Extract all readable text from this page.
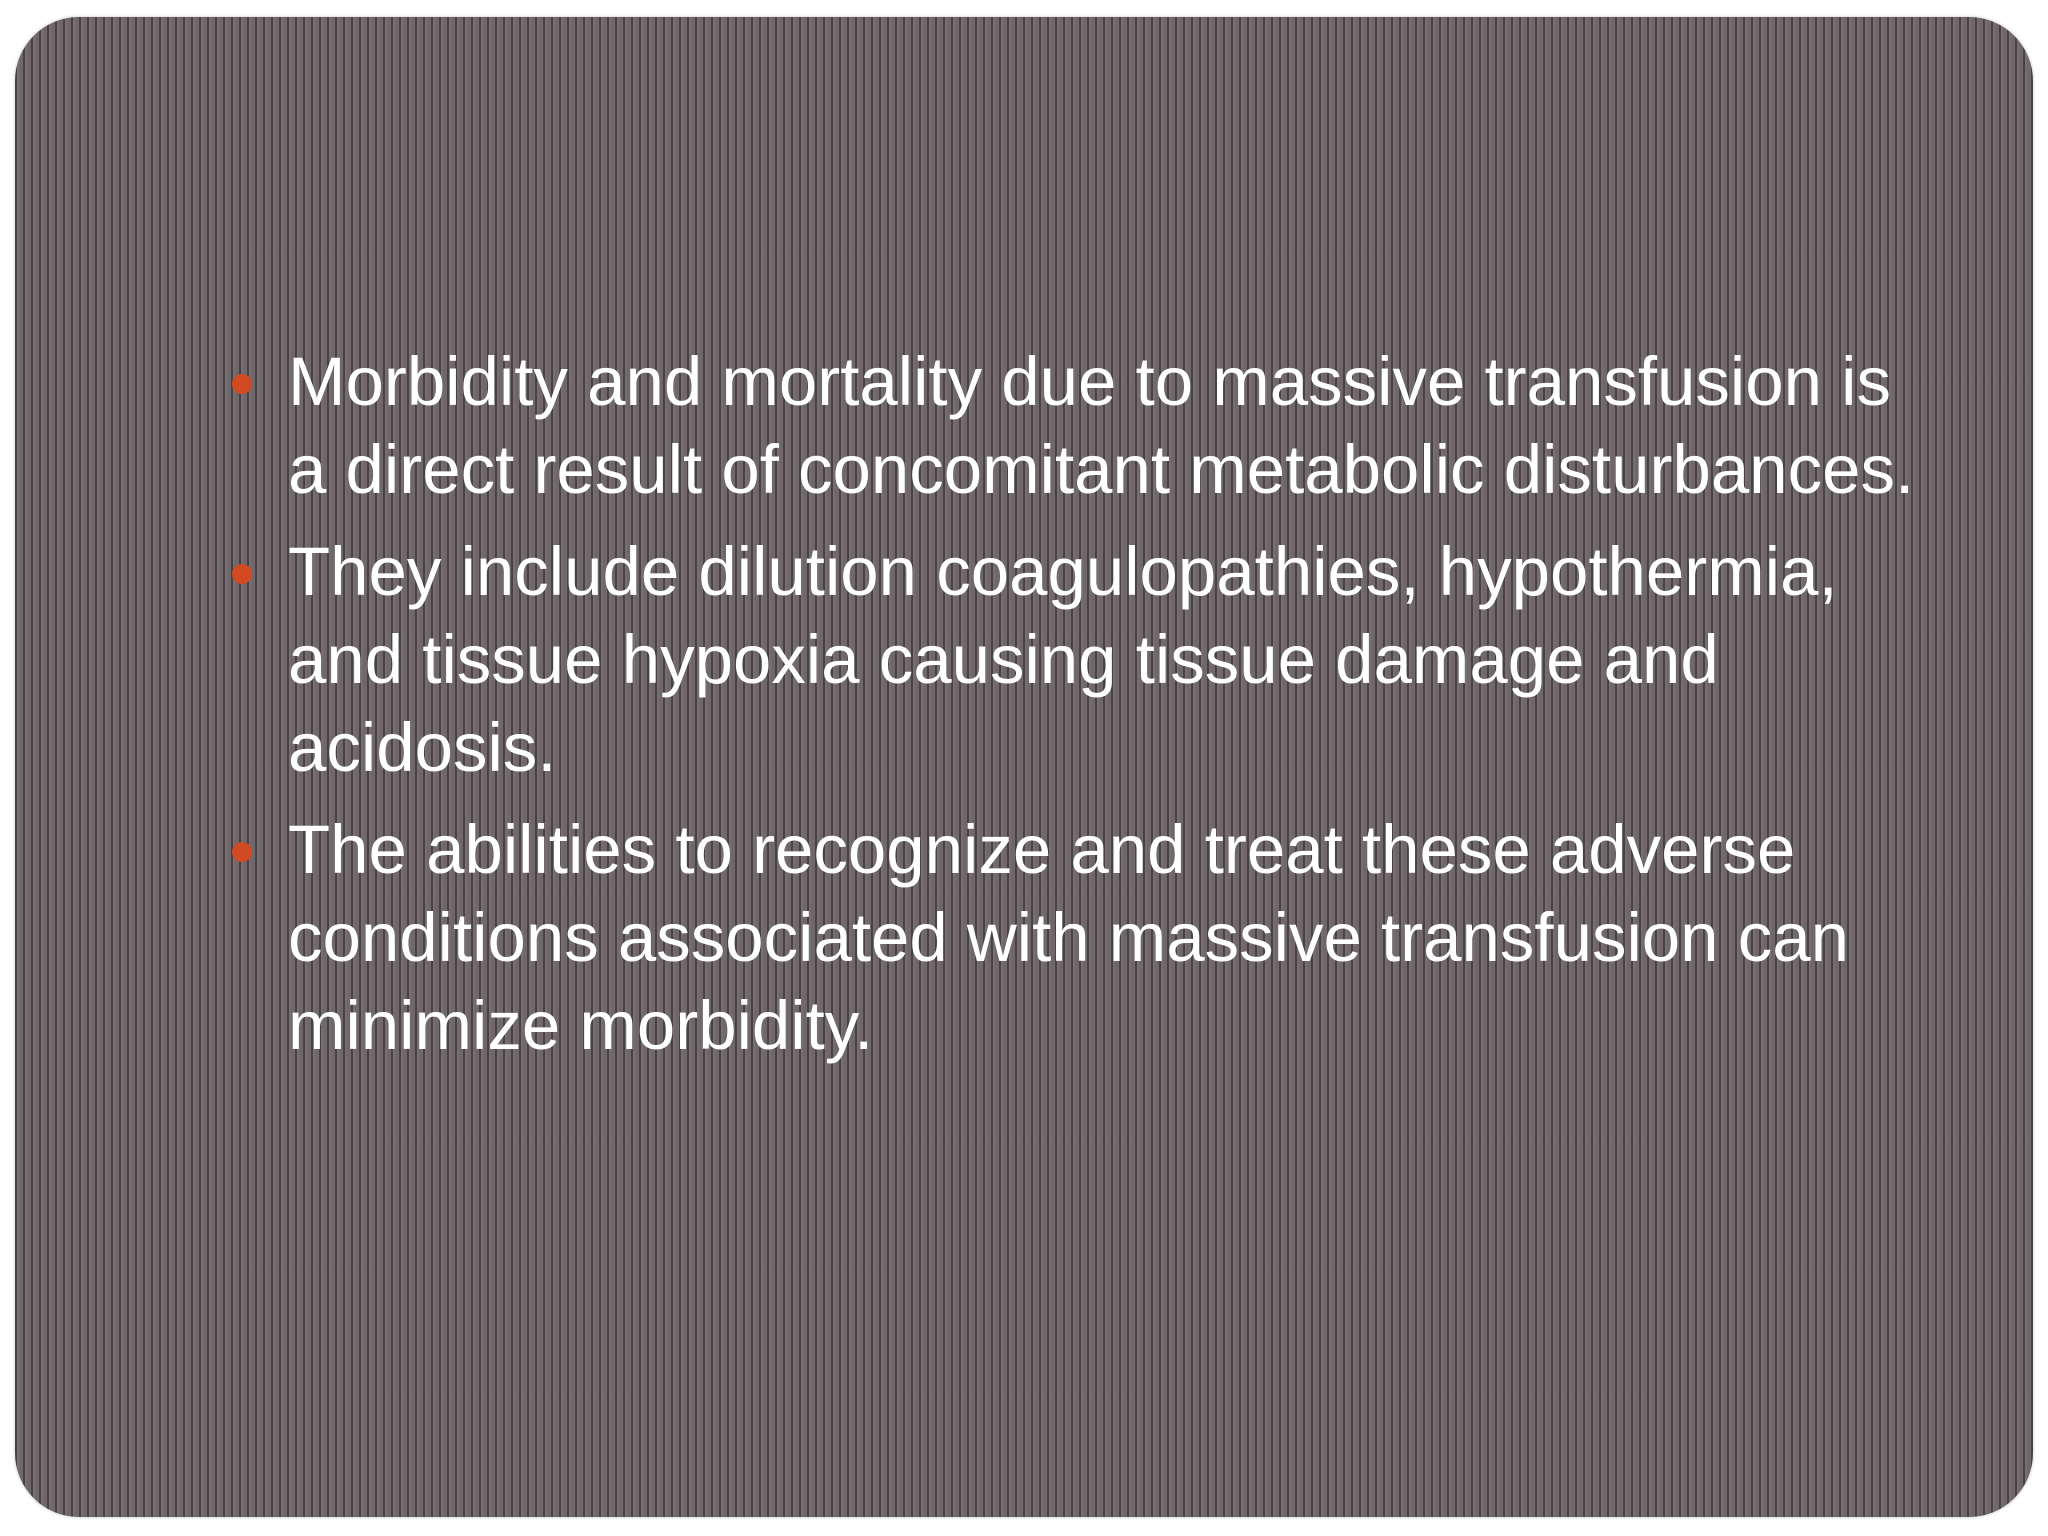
Morbidity and mortality due to massive transfusion is a direct result of concomitant metabolic disturbances.
They include dilution coagulopathies, hypothermia, and tissue hypoxia causing tissue damage and acidosis.
The abilities to recognize and treat these adverse conditions associated with massive transfusion can minimize morbidity.
